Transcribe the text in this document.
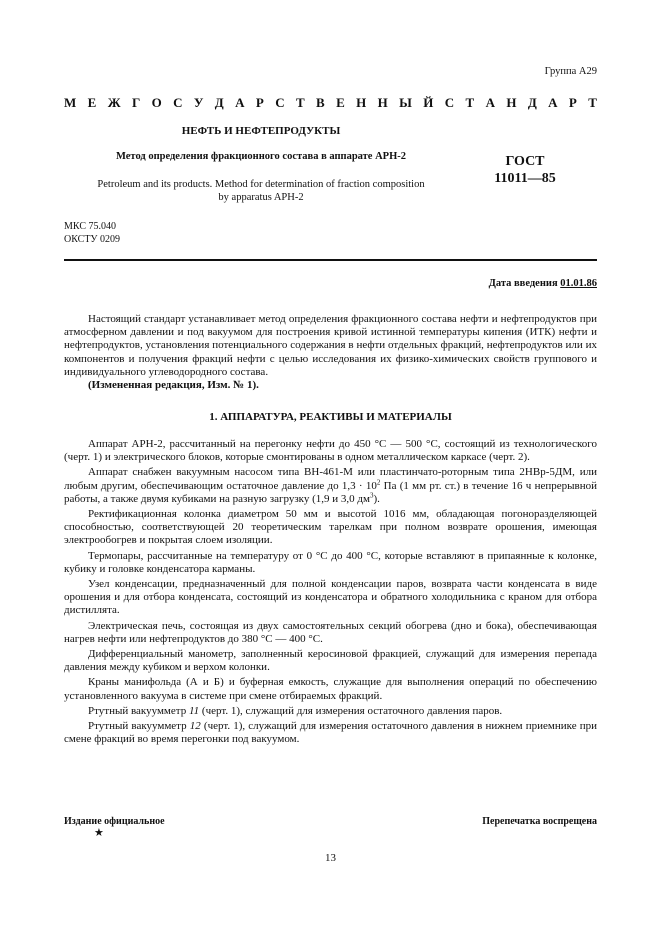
Группа А29
М Е Ж Г О С У Д А Р С Т В Е Н Н Ы Й С Т А Н Д А Р Т
НЕФТЬ И НЕФТЕПРОДУКТЫ
Метод определения фракционного состава в аппарате АРН-2
Petroleum and its products. Method for determination of fraction composition
by apparatus APH-2
ГОСТ
11011—85
МКС 75.040
ОКСТУ 0209
Дата введения 01.01.86

Настоящий стандарт устанавливает метод определения фракционного состава нефти и нефтепродуктов при атмосферном давлении и под вакуумом для построения кривой истинной температуры кипения (ИТК) нефти и нефтепродуктов, установления потенциального содержания в нефти отдельных фракций, нефтепродуктов или их компонентов и получения фракций нефти с целью исследования их физико-химических свойств группового и индивидуального углеводородного состава.

(Измененная редакция, Изм. № 1).

1. АППАРАТУРА, РЕАКТИВЫ И МАТЕРИАЛЫ

Аппарат АРН-2, рассчитанный на перегонку нефти до 450 °С — 500 °С, состоящий из технологического (черт. 1) и электрического блоков, которые смонтированы в одном металлическом каркасе (черт. 2).

Аппарат снабжен вакуумным насосом типа ВН-461-М или пластинчато-роторным типа 2НВр-5ДМ, или любым другим, обеспечивающим остаточное давление до $1,3 \cdot 10^2$ Па (1 мм рт. ст.) в течение 16 ч непрерывной работы, а также двумя кубиками на разную загрузку (1,9 и 3,0 $дм^3$).

Ректификационная колонка диаметром 50 мм и высотой 1016 мм, обладающая погоноразделяющей способностью, соответствующей 20 теоретическим тарелкам при полном возврате орошения, имеющая электрообогрев и покрытая слоем изоляции.

Термопары, рассчитанные на температуру от 0 °С до 400 °С, которые вставляют в припаянные к колонке, кубику и головке конденсатора карманы.

Узел конденсации, предназначенный для полной конденсации паров, возврата части конденсата в виде орошения и для отбора конденсата, состоящий из конденсатора и обратного холодильника с краном для отбора дистиллята.

Электрическая печь, состоящая из двух самостоятельных секций обогрева (дно и бока), обеспечивающая нагрев нефти или нефтепродуктов до 380 °С — 400 °С.

Дифференциальный манометр, заполненный керосиновой фракцией, служащий для измерения перепада давления между кубиком и верхом колонки.

Краны манифольда (А и Б) и буферная емкость, служащие для выполнения операций по обеспечению установленного вакуума в системе при смене отбираемых фракций.

Ртутный вакуумметр 11 (черт. 1), служащий для измерения остаточного давления паров.

Ртутный вакуумметр 12 (черт. 1), служащий для измерения остаточного давления в нижнем приемнике при смене фракций во время перегонки под вакуумом.

Издание официальное	Перепечатка воспрещена
★
13
